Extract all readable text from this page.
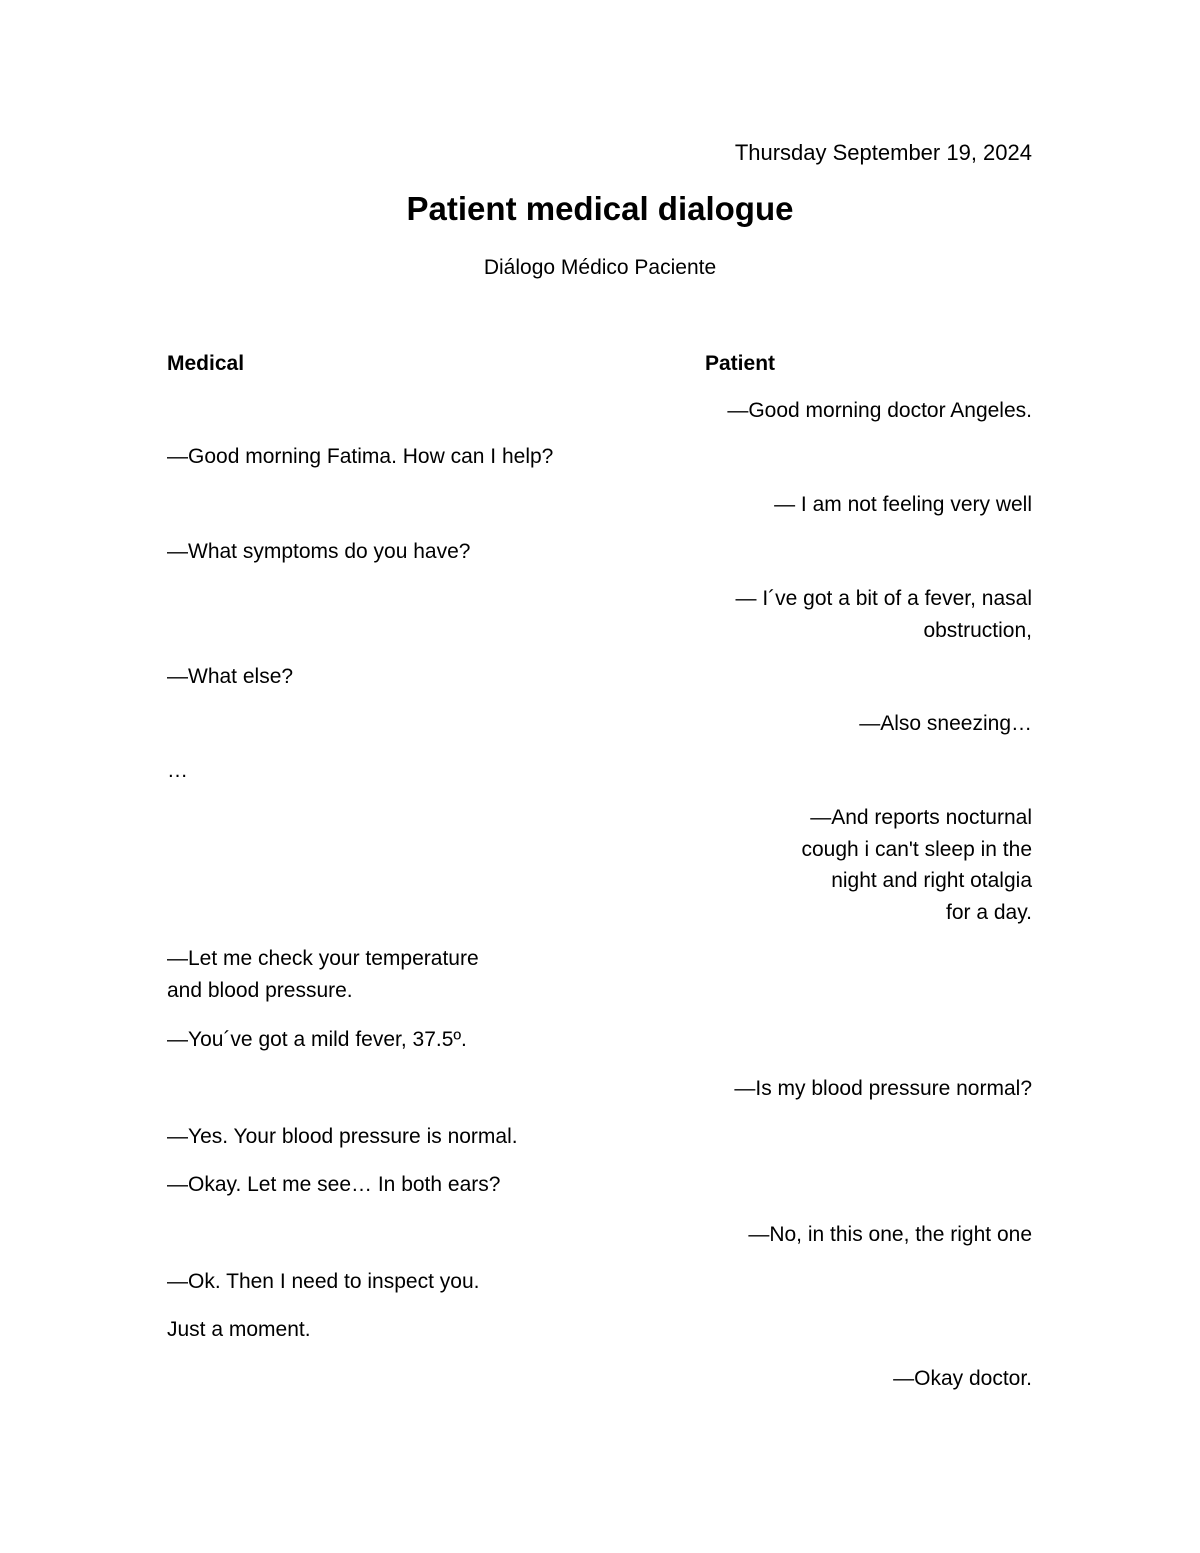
Thursday September 19, 2024
Patient medical dialogue
Diálogo Médico Paciente
Medical	Patient
—Good morning doctor Angeles.
—Good morning Fatima. How can I help?
— I am not feeling very well
—What symptoms do you have?
— I´ve got a bit of a fever, nasal
obstruction,
—What else?
—Also sneezing…
…
—And reports nocturnal
cough i can't sleep in the
night and right otalgia
for a day.
—Let me check your temperature
and blood pressure.
—You´ve got a mild fever, 37.5º.
—Is my blood pressure normal?
—Yes. Your blood pressure is normal.
—Okay. Let me see… In both ears?
—No, in this one, the right one
—Ok. Then I need to inspect you.
Just a moment.
—Okay doctor.
